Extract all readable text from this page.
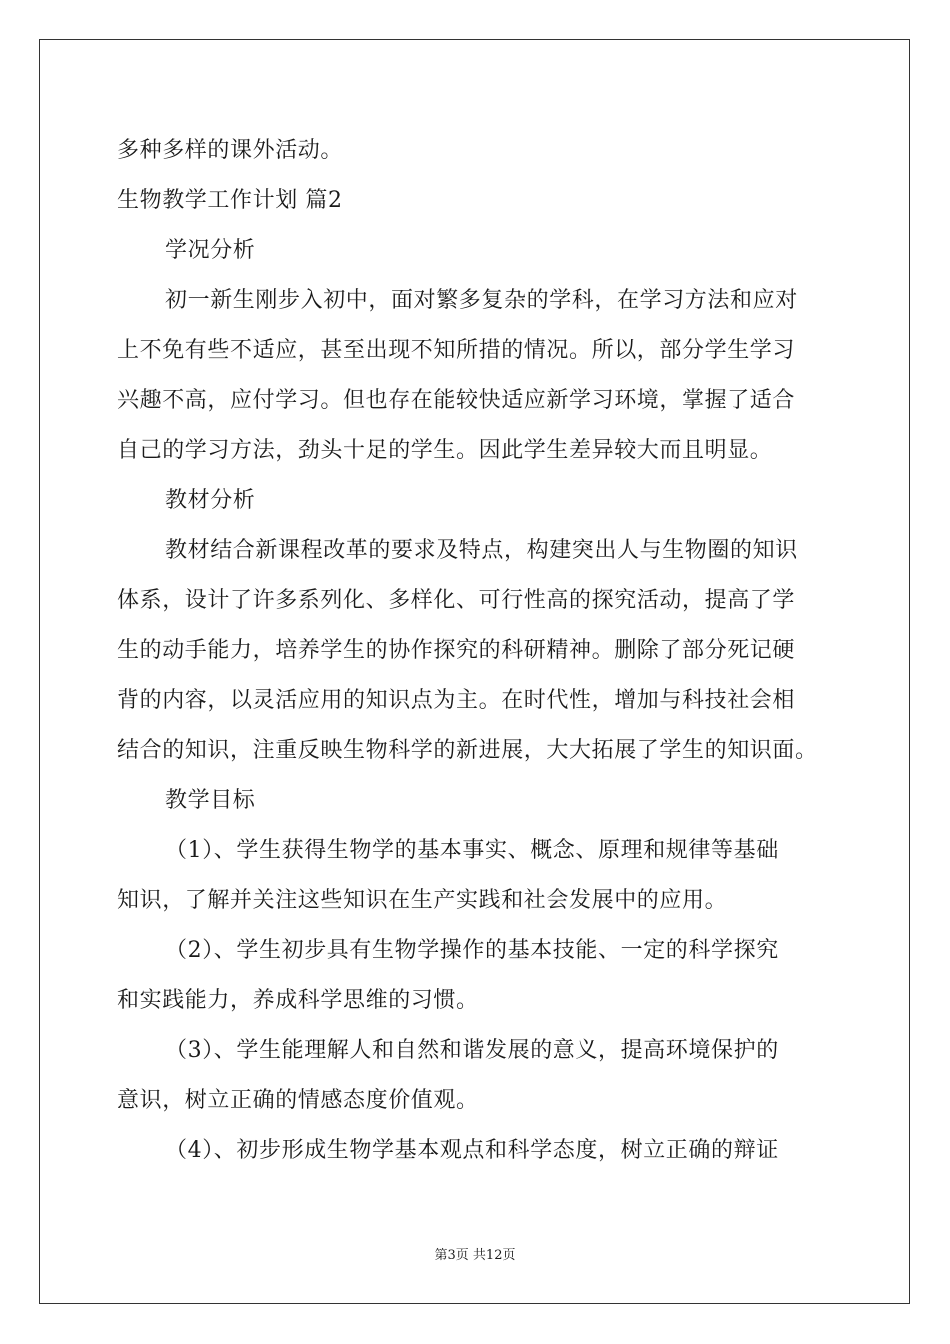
多种多样的课外活动。
生物教学工作计划 篇2
学况分析
初一新生刚步入初中，面对繁多复杂的学科，在学习方法和应对
上不免有些不适应，甚至出现不知所措的情况。所以，部分学生学习
兴趣不高，应付学习。但也存在能较快适应新学习环境，掌握了适合
自己的学习方法，劲头十足的学生。因此学生差异较大而且明显。
教材分析
教材结合新课程改革的要求及特点，构建突出人与生物圈的知识
体系，设计了许多系列化、多样化、可行性高的探究活动，提高了学
生的动手能力，培养学生的协作探究的科研精神。删除了部分死记硬
背的内容，以灵活应用的知识点为主。在时代性，增加与科技社会相
结合的知识，注重反映生物科学的新进展，大大拓展了学生的知识面。
教学目标
（1）、学生获得生物学的基本事实、概念、原理和规律等基础
知识，了解并关注这些知识在生产实践和社会发展中的应用。
（2）、学生初步具有生物学操作的基本技能、一定的科学探究
和实践能力，养成科学思维的习惯。
（3）、学生能理解人和自然和谐发展的意义，提高环境保护的
意识，树立正确的情感态度价值观。
（4）、初步形成生物学基本观点和科学态度，树立正确的辩证
第3页 共12页
